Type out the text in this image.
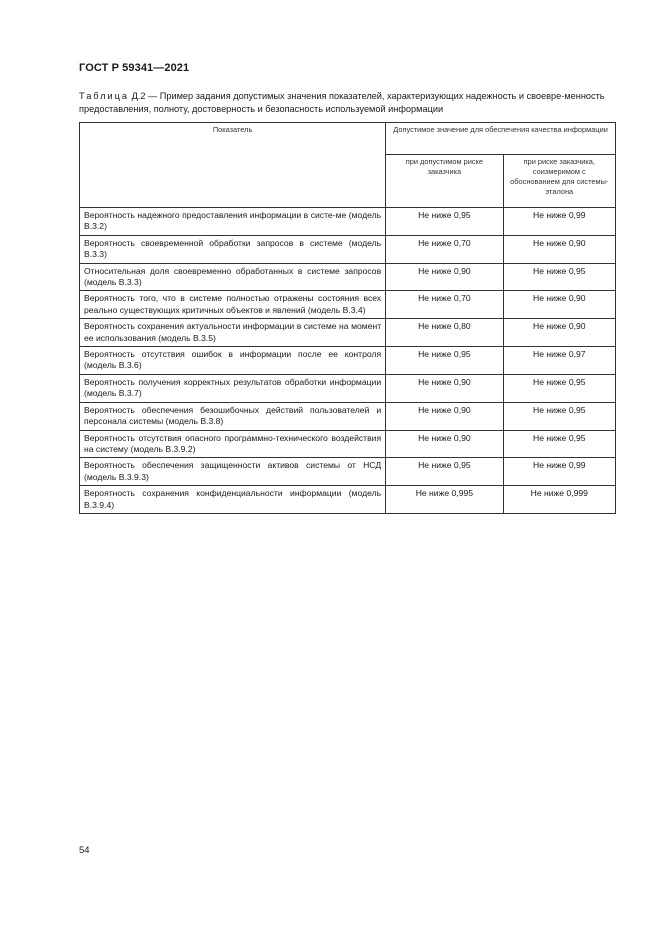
ГОСТ Р 59341—2021
Таблица Д.2 — Пример задания допустимых значения показателей, характеризующих надежность и своевре-менность предоставления, полноту, достоверность и безопасность используемой информации
Показатель	Допустимое значение для обеспечения качества информации	
	при допустимом риске заказчика	при риске заказчика, соизмеримом с обоснованием для системы-эталона
Вероятность надежного предоставления информации в систе-ме (модель В.3.2)	Не ниже 0,95	Не ниже 0,99
Вероятность своевременной обработки запросов в системе (модель В.3.3)	Не ниже 0,70	Не ниже 0,90
Относительная доля своевременно обработанных в системе запросов (модель В.3.3)	Не ниже 0,90	Не ниже 0,95
Вероятность того, что в системе полностью отражены состояния всех реально существующих критичных объектов и явлений (модель В.3.4)	Не ниже 0,70	Не ниже 0,90
Вероятность сохранения актуальности информации в системе на момент ее использования (модель В.3.5)	Не ниже 0,80	Не ниже 0,90
Вероятность отсутствия ошибок в информации после ее контроля (модель В.3.6)	Не ниже 0,95	Не ниже 0,97
Вероятность получения корректных результатов обработки информации (модель В.3.7)	Не ниже 0,90	Не ниже 0,95
Вероятность обеспечения безошибочных действий пользователей и персонала системы (модель В.3.8)	Не ниже 0,90	Не ниже 0,95
Вероятность отсутствия опасного программно-технического воздействия на систему (модель В.3.9.2)	Не ниже 0,90	Не ниже 0,95
Вероятность обеспечения защищенности активов системы от НСД (модель В.3.9.3)	Не ниже 0,95	Не ниже 0,99
Вероятность сохранения конфиденциальности информации (модель В.3.9.4)	Не ниже 0,995	Не ниже 0,999
54
